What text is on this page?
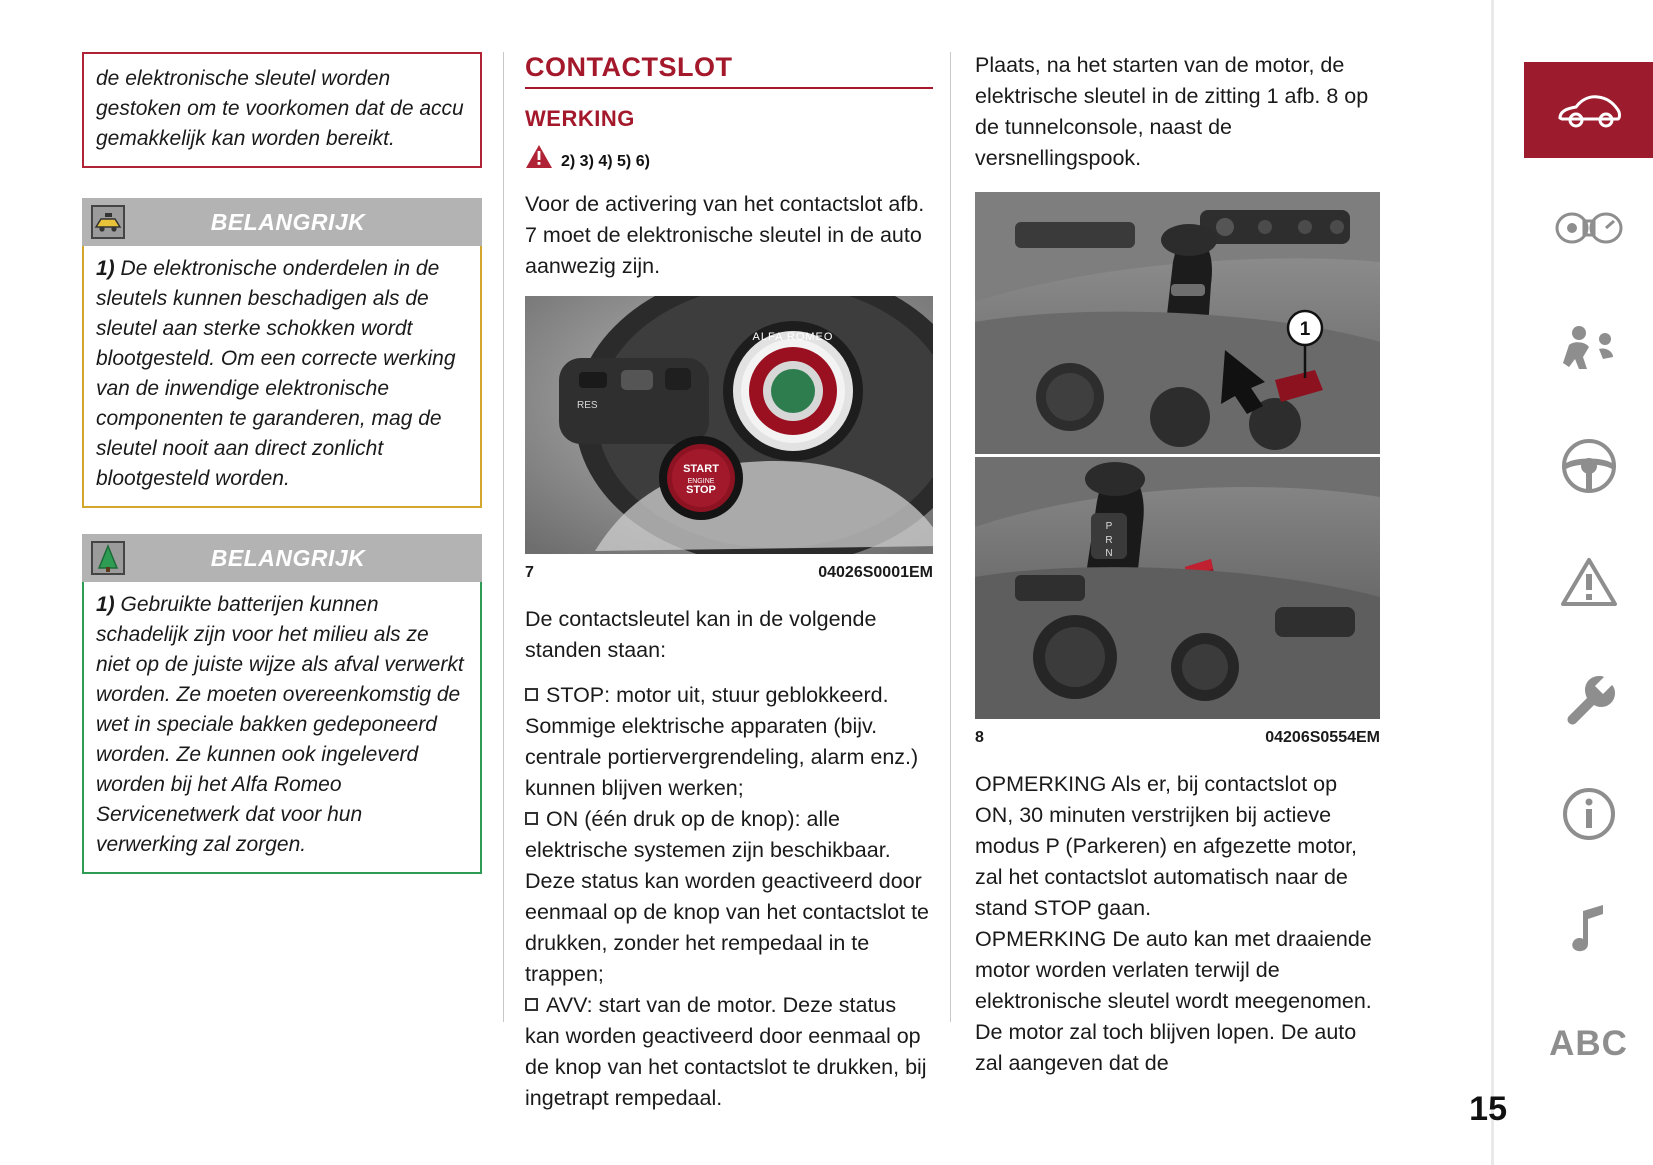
de elektronische sleutel worden gestoken om te voorkomen dat de accu gemakkelijk kan worden bereikt.
BELANGRIJK
1) De elektronische onderdelen in de sleutels kunnen beschadigen als de sleutel aan sterke schokken wordt blootgesteld. Om een correcte werking van de inwendige elektronische componenten te garanderen, mag de sleutel nooit aan direct zonlicht blootgesteld worden.
BELANGRIJK
1) Gebruikte batterijen kunnen schadelijk zijn voor het milieu als ze niet op de juiste wijze als afval verwerkt worden. Ze moeten overeenkomstig de wet in speciale bakken gedeponeerd worden. Ze kunnen ook ingeleverd worden bij het Alfa Romeo Servicenetwerk dat voor hun verwerking zal zorgen.
CONTACTSLOT
WERKING
2) 3) 4) 5) 6)

Voor de activering van het contactslot afb. 7 moet de elektronische sleutel in de auto aanwezig zijn.

ALFA ROMEO
RES
START
ENGINE
STOP
7	04026S0001EM

De contactsleutel kan in de volgende standen staan:

STOP: motor uit, stuur geblokkeerd. Sommige elektrische apparaten (bijv. centrale portiervergrendeling, alarm enz.) kunnen blijven werken;

ON (één druk op de knop): alle elektrische systemen zijn beschikbaar. Deze status kan worden geactiveerd door eenmaal op de knop van het contactslot te drukken, zonder het rempedaal in te trappen;

AVV: start van de motor. Deze status kan worden geactiveerd door eenmaal op de knop van het contactslot te drukken, bij ingetrapt rempedaal.

Plaats, na het starten van de motor, de elektrische sleutel in de zitting 1 afb. 8 op de tunnelconsole, naast de versnellingspook.

1
P
R
N
8	04206S0554EM

OPMERKING Als er, bij contactslot op ON, 30 minuten verstrijken bij actieve modus P (Parkeren) en afgezette motor, zal het contactslot automatisch naar de stand STOP gaan.

OPMERKING De auto kan met draaiende motor worden verlaten terwijl de elektronische sleutel wordt meegenomen. De motor zal toch blijven lopen. De auto zal aangeven dat de	ABC
15
